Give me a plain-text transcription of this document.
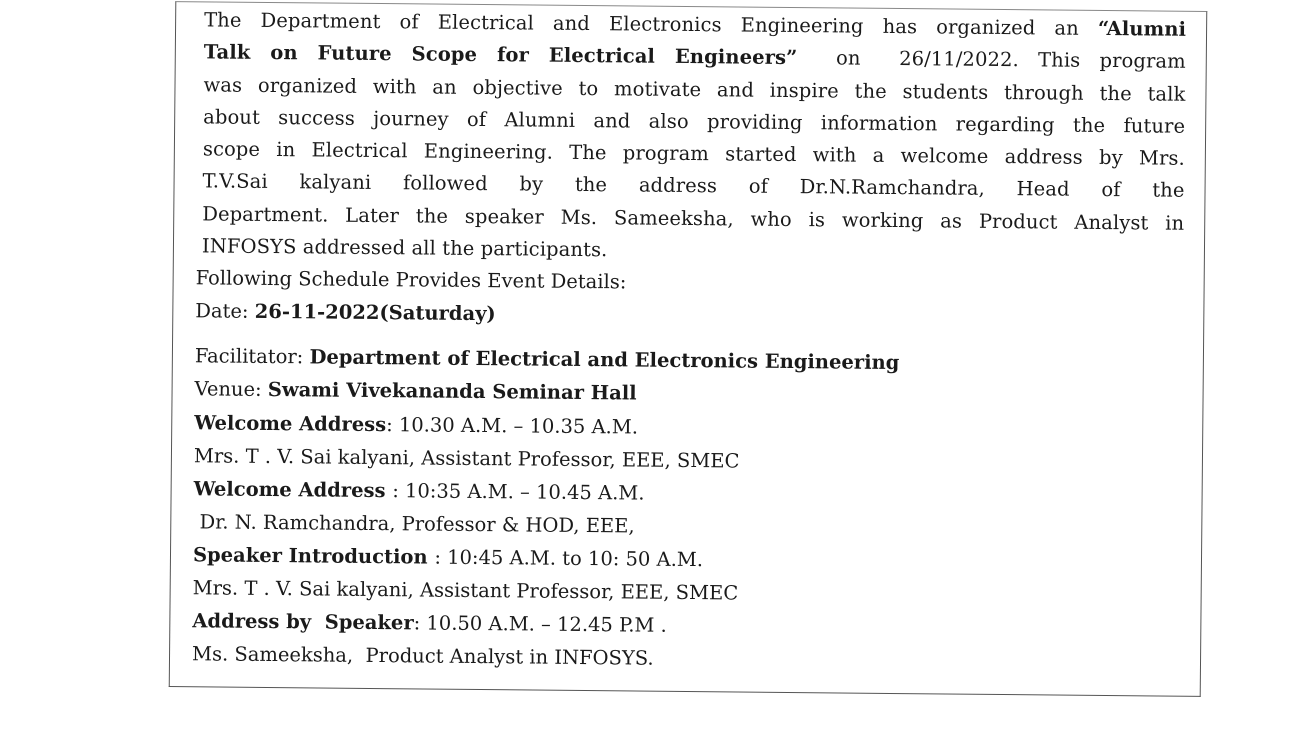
The Department of Electrical and Electronics Engineering has organized an “Alumni
Talk on Future Scope for Electrical Engineers”  on  26/11/2022. This program
was organized with an objective to motivate and inspire the students through the talk
about success journey of Alumni and also providing information regarding the future
scope in Electrical Engineering. The program started with a welcome address by Mrs.
T.V.Sai kalyani followed by the address of Dr.N.Ramchandra, Head of the
Department. Later the speaker Ms. Sameeksha, who is working as Product Analyst in
INFOSYS addressed all the participants.
Following Schedule Provides Event Details:
Date: 26-11-2022(Saturday)
Facilitator: Department of Electrical and Electronics Engineering
Venue: Swami Vivekananda Seminar Hall
Welcome Address: 10.30 A.M. – 10.35 A.M.
Mrs. T . V. Sai kalyani, Assistant Professor, EEE, SMEC
Welcome Address : 10:35 A.M. – 10.45 A.M.
Dr. N. Ramchandra, Professor & HOD, EEE,
Speaker Introduction : 10:45 A.M. to 10: 50 A.M.
Mrs. T . V. Sai kalyani, Assistant Professor, EEE, SMEC
Address by  Speaker: 10.50 A.M. – 12.45 P.M .
Ms. Sameeksha,  Product Analyst in INFOSYS.
